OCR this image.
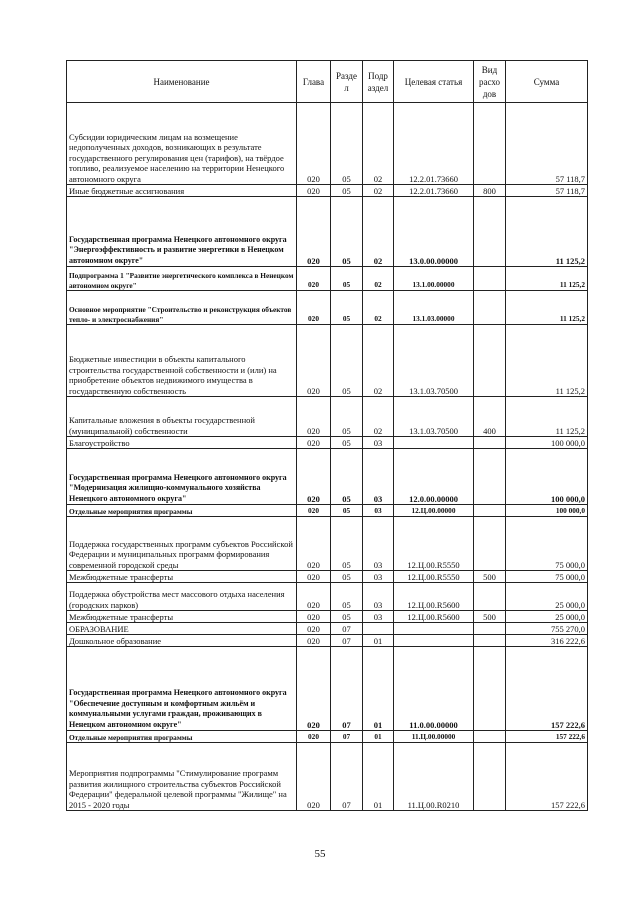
Наименование	Глава	Разде л	Подр аздел	Целевая статья	Вид расхо дов	Сумма
Субсидии юридическим лицам на возмещение недополученных доходов, возникающих в результате государственного регулирования цен (тарифов), на твёрдое топливо, реализуемое населению на территории Ненецкого автономного округа	020	05	02	12.2.01.73660		57 118,7
Иные бюджетные ассигнования	020	05	02	12.2.01.73660	800	57 118,7
Государственная программа Ненецкого автономного округа "Энергоэффективность и развитие энергетики в Ненецком автономном округе"	020	05	02	13.0.00.00000		11 125,2
Подпрограмма 1 "Развитие энергетического комплекса в Ненецком автономном округе"	020	05	02	13.1.00.00000		11 125,2
Основное мероприятие "Строительство и реконструкция объектов тепло- и электроснабжения"	020	05	02	13.1.03.00000		11 125,2
Бюджетные инвестиции в объекты капитального строительства государственной собственности и (или) на приобретение объектов недвижимого имущества в государственную собственность	020	05	02	13.1.03.70500		11 125,2
Капитальные вложения в объекты государственной (муниципальной) собственности	020	05	02	13.1.03.70500	400	11 125,2
Благоустройство	020	05	03			100 000,0
Государственная программа Ненецкого автономного округа "Модернизация жилищно-коммунального хозяйства Ненецкого автономного округа"	020	05	03	12.0.00.00000		100 000,0
Отдельные мероприятия программы	020	05	03	12.Ц.00.00000		100 000,0
Поддержка государственных программ субъектов Российской Федерации и муниципальных программ формирования современной городской среды	020	05	03	12.Ц.00.R5550		75 000,0
Межбюджетные трансферты	020	05	03	12.Ц.00.R5550	500	75 000,0
Поддержка обустройства мест массового отдыха населения (городских парков)	020	05	03	12.Ц.00.R5600		25 000,0
Межбюджетные трансферты	020	05	03	12.Ц.00.R5600	500	25 000,0
ОБРАЗОВАНИЕ	020	07				755 270,0
Дошкольное образование	020	07	01			316 222,6
Государственная программа Ненецкого автономного округа "Обеспечение доступным и комфортным жильём и коммунальными услугами граждан, проживающих в Ненецком автономном округе"	020	07	01	11.0.00.00000		157 222,6
Отдельные мероприятия программы	020	07	01	11.Ц.00.00000		157 222,6
Мероприятия подпрограммы "Стимулирование программ развития жилищного строительства субъектов Российской Федерации" федеральной целевой программы "Жилище" на 2015 - 2020 годы	020	07	01	11.Ц.00.R0210		157 222,6
55
